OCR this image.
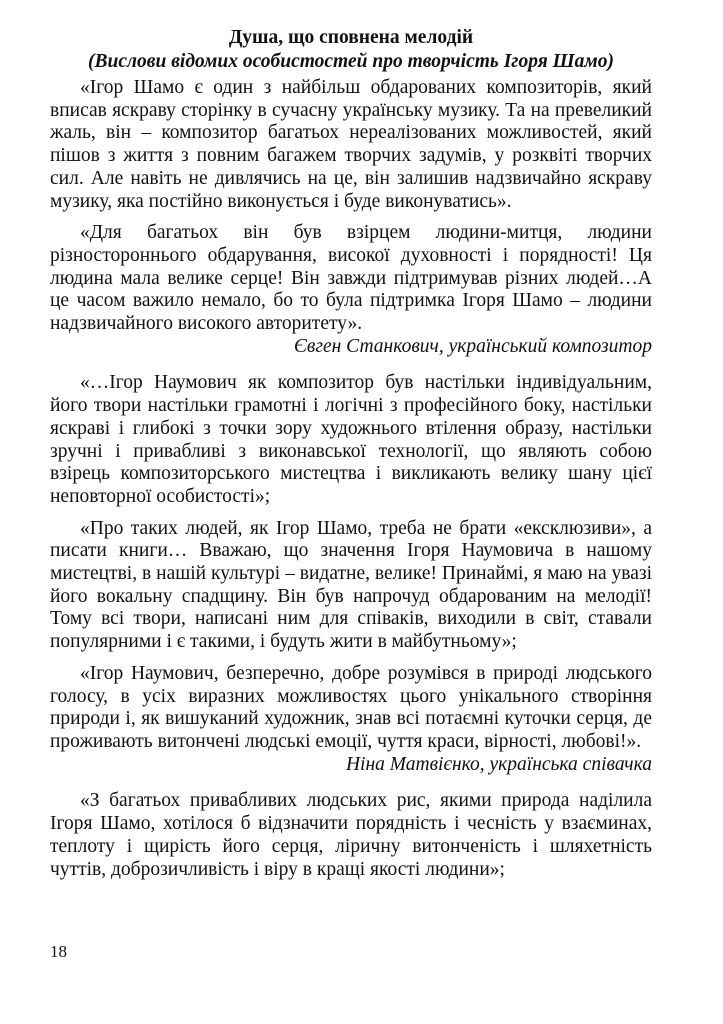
Душа, що сповнена мелодій

(Вислови відомих особистостей про творчість Ігоря Шамо)

«Ігор Шамо є один з найбільш обдарованих композиторів, який вписав яскраву сторінку в сучасну українську музику. Та на превеликий жаль, він – композитор багатьох нереалізованих можливостей, який пішов з життя з повним багажем творчих задумів, у розквіті творчих сил. Але навіть не дивлячись на це, він залишив надзвичайно яскраву музику, яка постійно виконується і буде виконуватись».

«Для багатьох він був взірцем людини-митця, людини різностороннього обдарування, високої духовності і порядності! Ця людина мала велике серце! Він завжди підтримував різних людей…А це часом важило немало, бо то була підтримка Ігоря Шамо – людини надзвичайного високого авторитету».

Євген Станкович, український композитор

«…Ігор Наумович як композитор був настільки індивідуальним, його твори настільки грамотні і логічні з професійного боку, настільки яскраві і глибокі з точки зору художнього втілення образу, настільки зручні і привабливі з виконавської технології, що являють собою взірець композиторського мистецтва і викликають велику шану цієї неповторної особистості»;

«Про таких людей, як Ігор Шамо, треба не брати «ексклюзиви», а писати книги… Вважаю, що значення Ігоря Наумовича в нашому мистецтві, в нашій культурі – видатне, велике! Принаймі, я маю на увазі його вокальну спадщину. Він був напрочуд обдарованим на мелодії! Тому всі твори, написані ним для співаків, виходили в світ, ставали популярними і є такими, і будуть жити в майбутньому»;

«Ігор Наумович, безперечно, добре розумівся в природі людського голосу, в усіх виразних можливостях цього унікального створіння природи і, як вишуканий художник, знав всі потаємні куточки серця, де проживають витончені людські емоції, чуття краси, вірності, любові!».

Ніна Матвієнко, українська співачка

«З багатьох привабливих людських рис, якими природа наділила Ігоря Шамо, хотілося б відзначити порядність і чесність у взаєминах, теплоту і щирість його серця, ліричну витонченість і шляхетність чуттів, доброзичливість і віру в кращі якості людини»;

18
